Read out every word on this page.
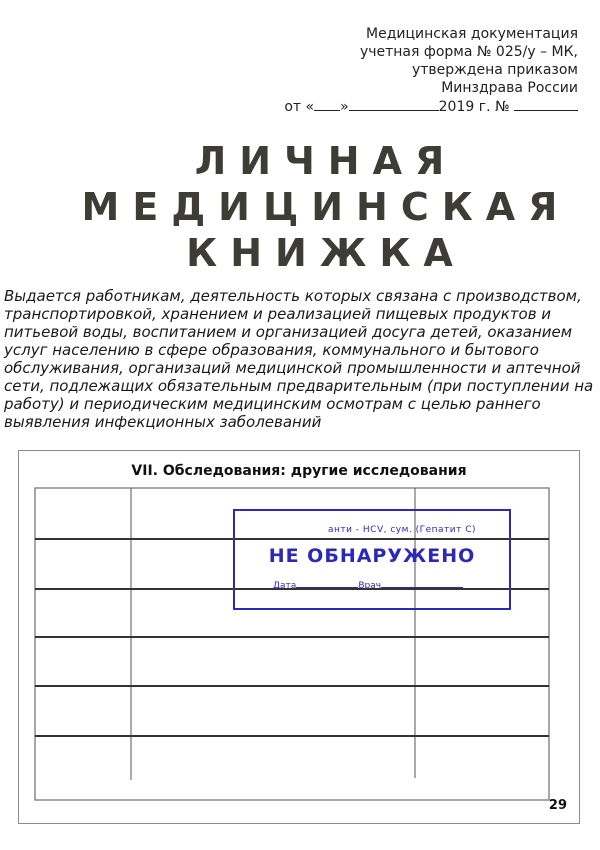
Медицинская документация
учетная форма № 025/у – МК,
утверждена приказом
Минздрава России
от « »	2019 г. №
ЛИЧНАЯ
МЕДИЦИНСКАЯ
КНИЖКА
Выдается работникам, деятельность которых связана с производством, транспортировкой, хранением и реализацией пищевых продуктов и питьевой воды, воспитанием и организацией досуга детей, оказанием услуг населению в сфере образования, коммунального и бытового обслуживания, организаций медицинской промышленности и аптечной сети, подлежащих обязательным предварительным (при поступлении на работу) и периодическим медицинским осмотрам с целью раннего выявления инфекционных заболеваний
VII. Обследования: другие исследования
29
анти - HCV, сум. (Гепатит С)
НЕ ОБНАРУЖЕНО
Дата	Врач
